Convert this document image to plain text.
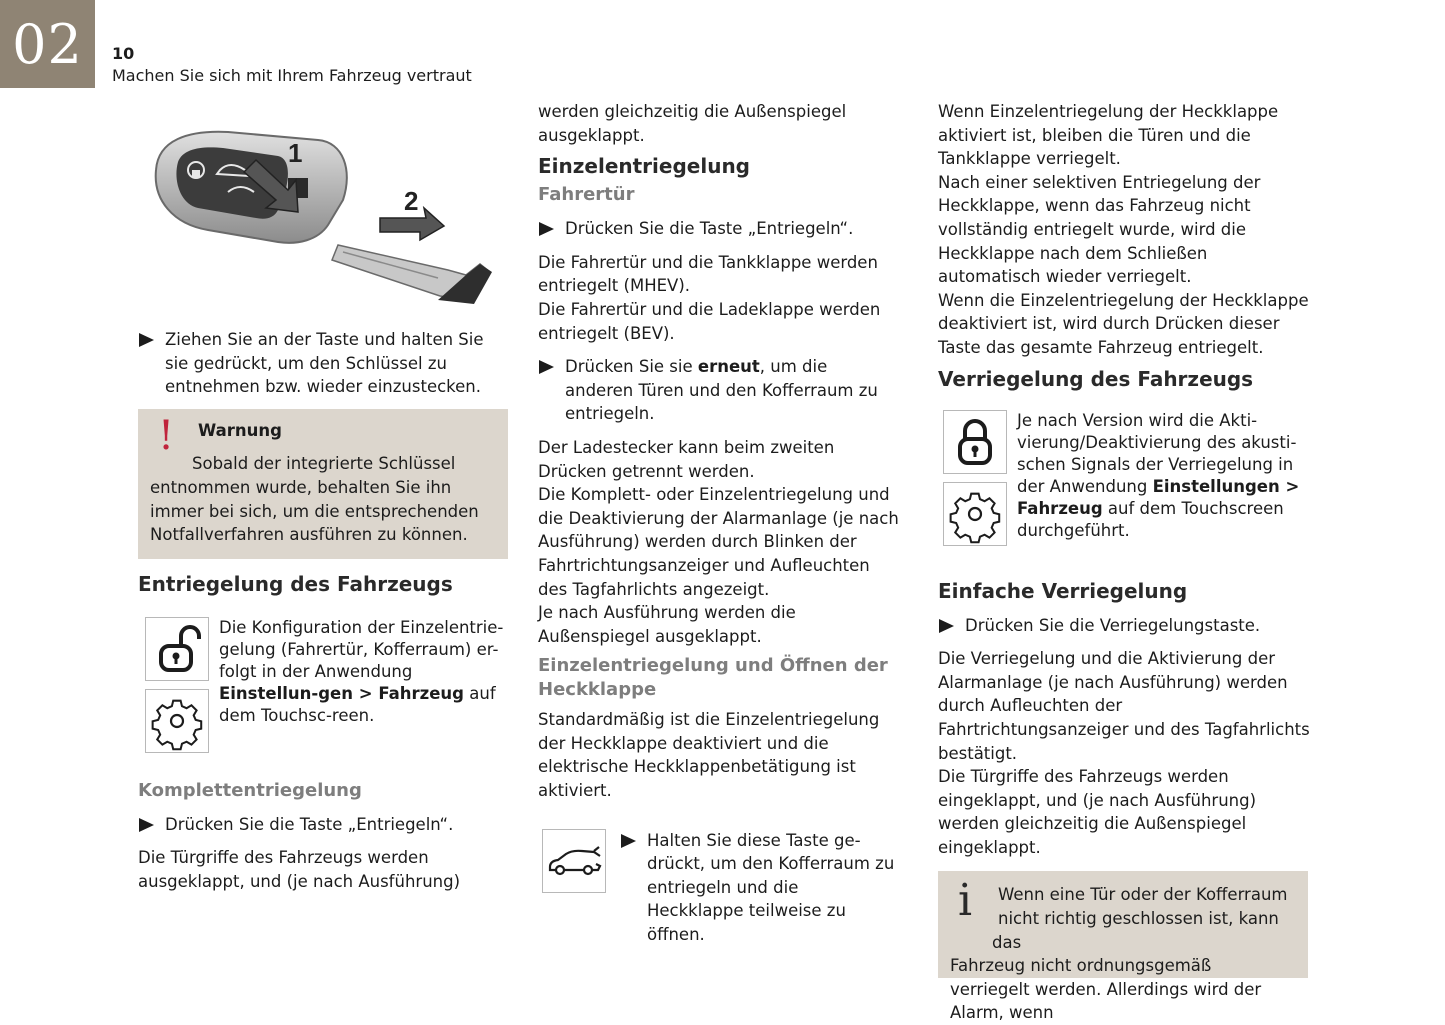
02	10
Machen Sie sich mit Ihrem Fahrzeug vertraut
1
2
Ziehen Sie an der Taste und halten Sie sie gedrückt, um den Schlüssel zu entnehmen bzw. wieder einzustecken.
!	Warnung

Sobald der integrierte Schlüssel

entnommen wurde, behalten Sie ihn immer bei sich, um die entsprechenden Notfallverfahren ausführen zu können.

Entriegelung des Fahrzeugs

Die Konfiguration der Einzelentrie-gelung (Fahrertür, Kofferraum) er-folgt in der Anwendung Einstellun-gen > Fahrzeug auf dem Touchsc-reen.

Komplettentriegelung

Drücken Sie die Taste „Entriegeln“.

Die Türgriffe des Fahrzeugs werden ausgeklappt, und (je nach Ausführung)

werden gleichzeitig die Außenspiegel ausgeklappt.

Einzelentriegelung

Fahrertür

Drücken Sie die Taste „Entriegeln“.

Die Fahrertür und die Tankklappe werden entriegelt (MHEV).

Die Fahrertür und die Ladeklappe werden entriegelt (BEV).

Drücken Sie sie erneut, um die anderen Türen und den Kofferraum zu entriegeln.

Der Ladestecker kann beim zweiten Drücken getrennt werden.

Die Komplett- oder Einzelentriegelung und die Deaktivierung der Alarmanlage (je nach Ausführung) werden durch Blinken der Fahrtrichtungsanzeiger und Aufleuchten des Tagfahrlichts angezeigt.

Je nach Ausführung werden die Außenspiegel ausgeklappt.

Einzelentriegelung und Öffnen der Heckklappe

Standardmäßig ist die Einzelentriegelung der Heckklappe deaktiviert und die elektrische Heckklappenbetätigung ist aktiviert.

Halten Sie diese Taste ge-drückt, um den Kofferraum zu entriegeln und die Heckklappe teilweise zu öffnen.

Wenn Einzelentriegelung der Heckklappe aktiviert ist, bleiben die Türen und die Tankklappe verriegelt.

Nach einer selektiven Entriegelung der Heckklappe, wenn das Fahrzeug nicht vollständig entriegelt wurde, wird die Heckklappe nach dem Schließen automatisch wieder verriegelt.

Wenn die Einzelentriegelung der Heckklappe deaktiviert ist, wird durch Drücken dieser Taste das gesamte Fahrzeug entriegelt.

Verriegelung des Fahrzeugs

Je nach Version wird die Akti-vierung/Deaktivierung des akusti-schen Signals der Verriegelung in der Anwendung Einstellungen > Fahrzeug auf dem Touchscreen durchgeführt.

Einfache Verriegelung

Drücken Sie die Verriegelungstaste.

Die Verriegelung und die Aktivierung der Alarmanlage (je nach Ausführung) werden durch Aufleuchten der Fahrtrichtungsanzeiger und des Tagfahrlichts bestätigt.

Die Türgriffe des Fahrzeugs werden eingeklappt, und (je nach Ausführung) werden gleichzeitig die Außenspiegel eingeklappt.

i	Wenn eine Tür oder der Kofferraum

nicht richtig geschlossen ist, kann das

Fahrzeug nicht ordnungsgemäß verriegelt werden. Allerdings wird der Alarm, wenn
